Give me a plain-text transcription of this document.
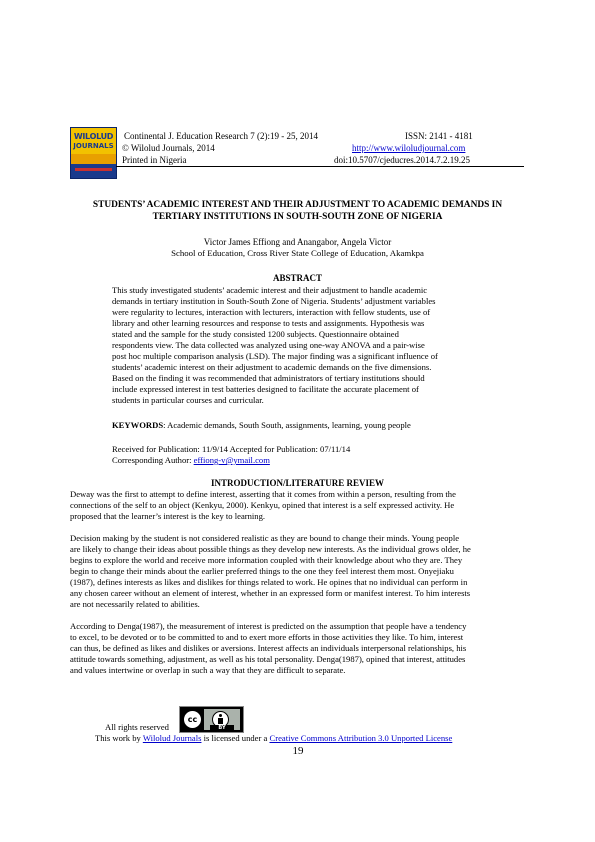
WILOLUD
JOURNALS
Continental J. Education Research 7 (2):19 - 25, 2014	ISSN: 2141 - 4181
© Wilolud Journals, 2014	http://www.wiloludjournal.com
Printed in Nigeria	doi:10.5707/cjeducres.2014.7.2.19.25
STUDENTS’ ACADEMIC INTEREST AND THEIR ADJUSTMENT TO ACADEMIC DEMANDS IN
TERTIARY INSTITUTIONS IN SOUTH-SOUTH ZONE OF NIGERIA
Victor James Effiong and Anangabor, Angela Victor
School of Education, Cross River State College of Education, Akamkpa
ABSTRACT
This study investigated students’ academic interest and their adjustment to handle academic
demands in tertiary institution in South-South Zone of Nigeria. Students’ adjustment variables
were regularity to lectures, interaction with lecturers, interaction with fellow students, use of
library and other learning resources and response to tests and assignments. Hypothesis was
stated and the sample for the study consisted 1200 subjects. Questionnaire obtained
respondents view. The data collected was analyzed using one-way ANOVA and a pair-wise
post hoc multiple comparison analysis (LSD). The major finding was a significant influence of
students’ academic interest on their adjustment to academic demands on the five dimensions.
Based on the finding it was recommended that administrators of tertiary institutions should
include expressed interest in test batteries designed to facilitate the accurate placement of
students in particular courses and curricular.
KEYWORDS: Academic demands, South South, assignments, learning, young people
Received for Publication: 11/9/14 Accepted for Publication: 07/11/14
Corresponding Author: effiong-v@ymail.com
INTRODUCTION/LITERATURE REVIEW
Deway was the first to attempt to define interest, asserting that it comes from within a person, resulting from the
connections of the self to an object (Kenkyu, 2000). Kenkyu, opined that interest is a self expressed activity. He
proposed that the learner’s interest is the key to learning.
Decision making by the student is not considered realistic as they are bound to change their minds. Young people
are likely to change their ideas about possible things as they develop new interests. As the individual grows older, he
begins to explore the world and receive more information coupled with their knowledge about who they are. They
begin to change their minds about the earlier preferred things to the one they feel interest them most. Onyejiaku
(1987), defines interests as likes and dislikes for things related to work. He opines that no individual can perform in
any chosen career without an element of interest, whether in an expressed form or manifest interest. To him interests
are not necessarily related to abilities.
According to Denga(1987), the measurement of interest is predicted on the assumption that people have a tendency
to excel, to be devoted or to be committed to and to exert more efforts in those activities they like. To him, interest
can thus, be defined as likes and dislikes or aversions. Interest affects an individuals interpersonal relationships, his
attitude towards something, adjustment, as well as his total personality. Denga(1987), opined that interest, attitudes
and values intertwine or overlap in such a way that they are difficult to separate.
All rights reserved
cc
BY
This work by Wilolud Journals is licensed under a Creative Commons Attribution 3.0 Unported License
19
